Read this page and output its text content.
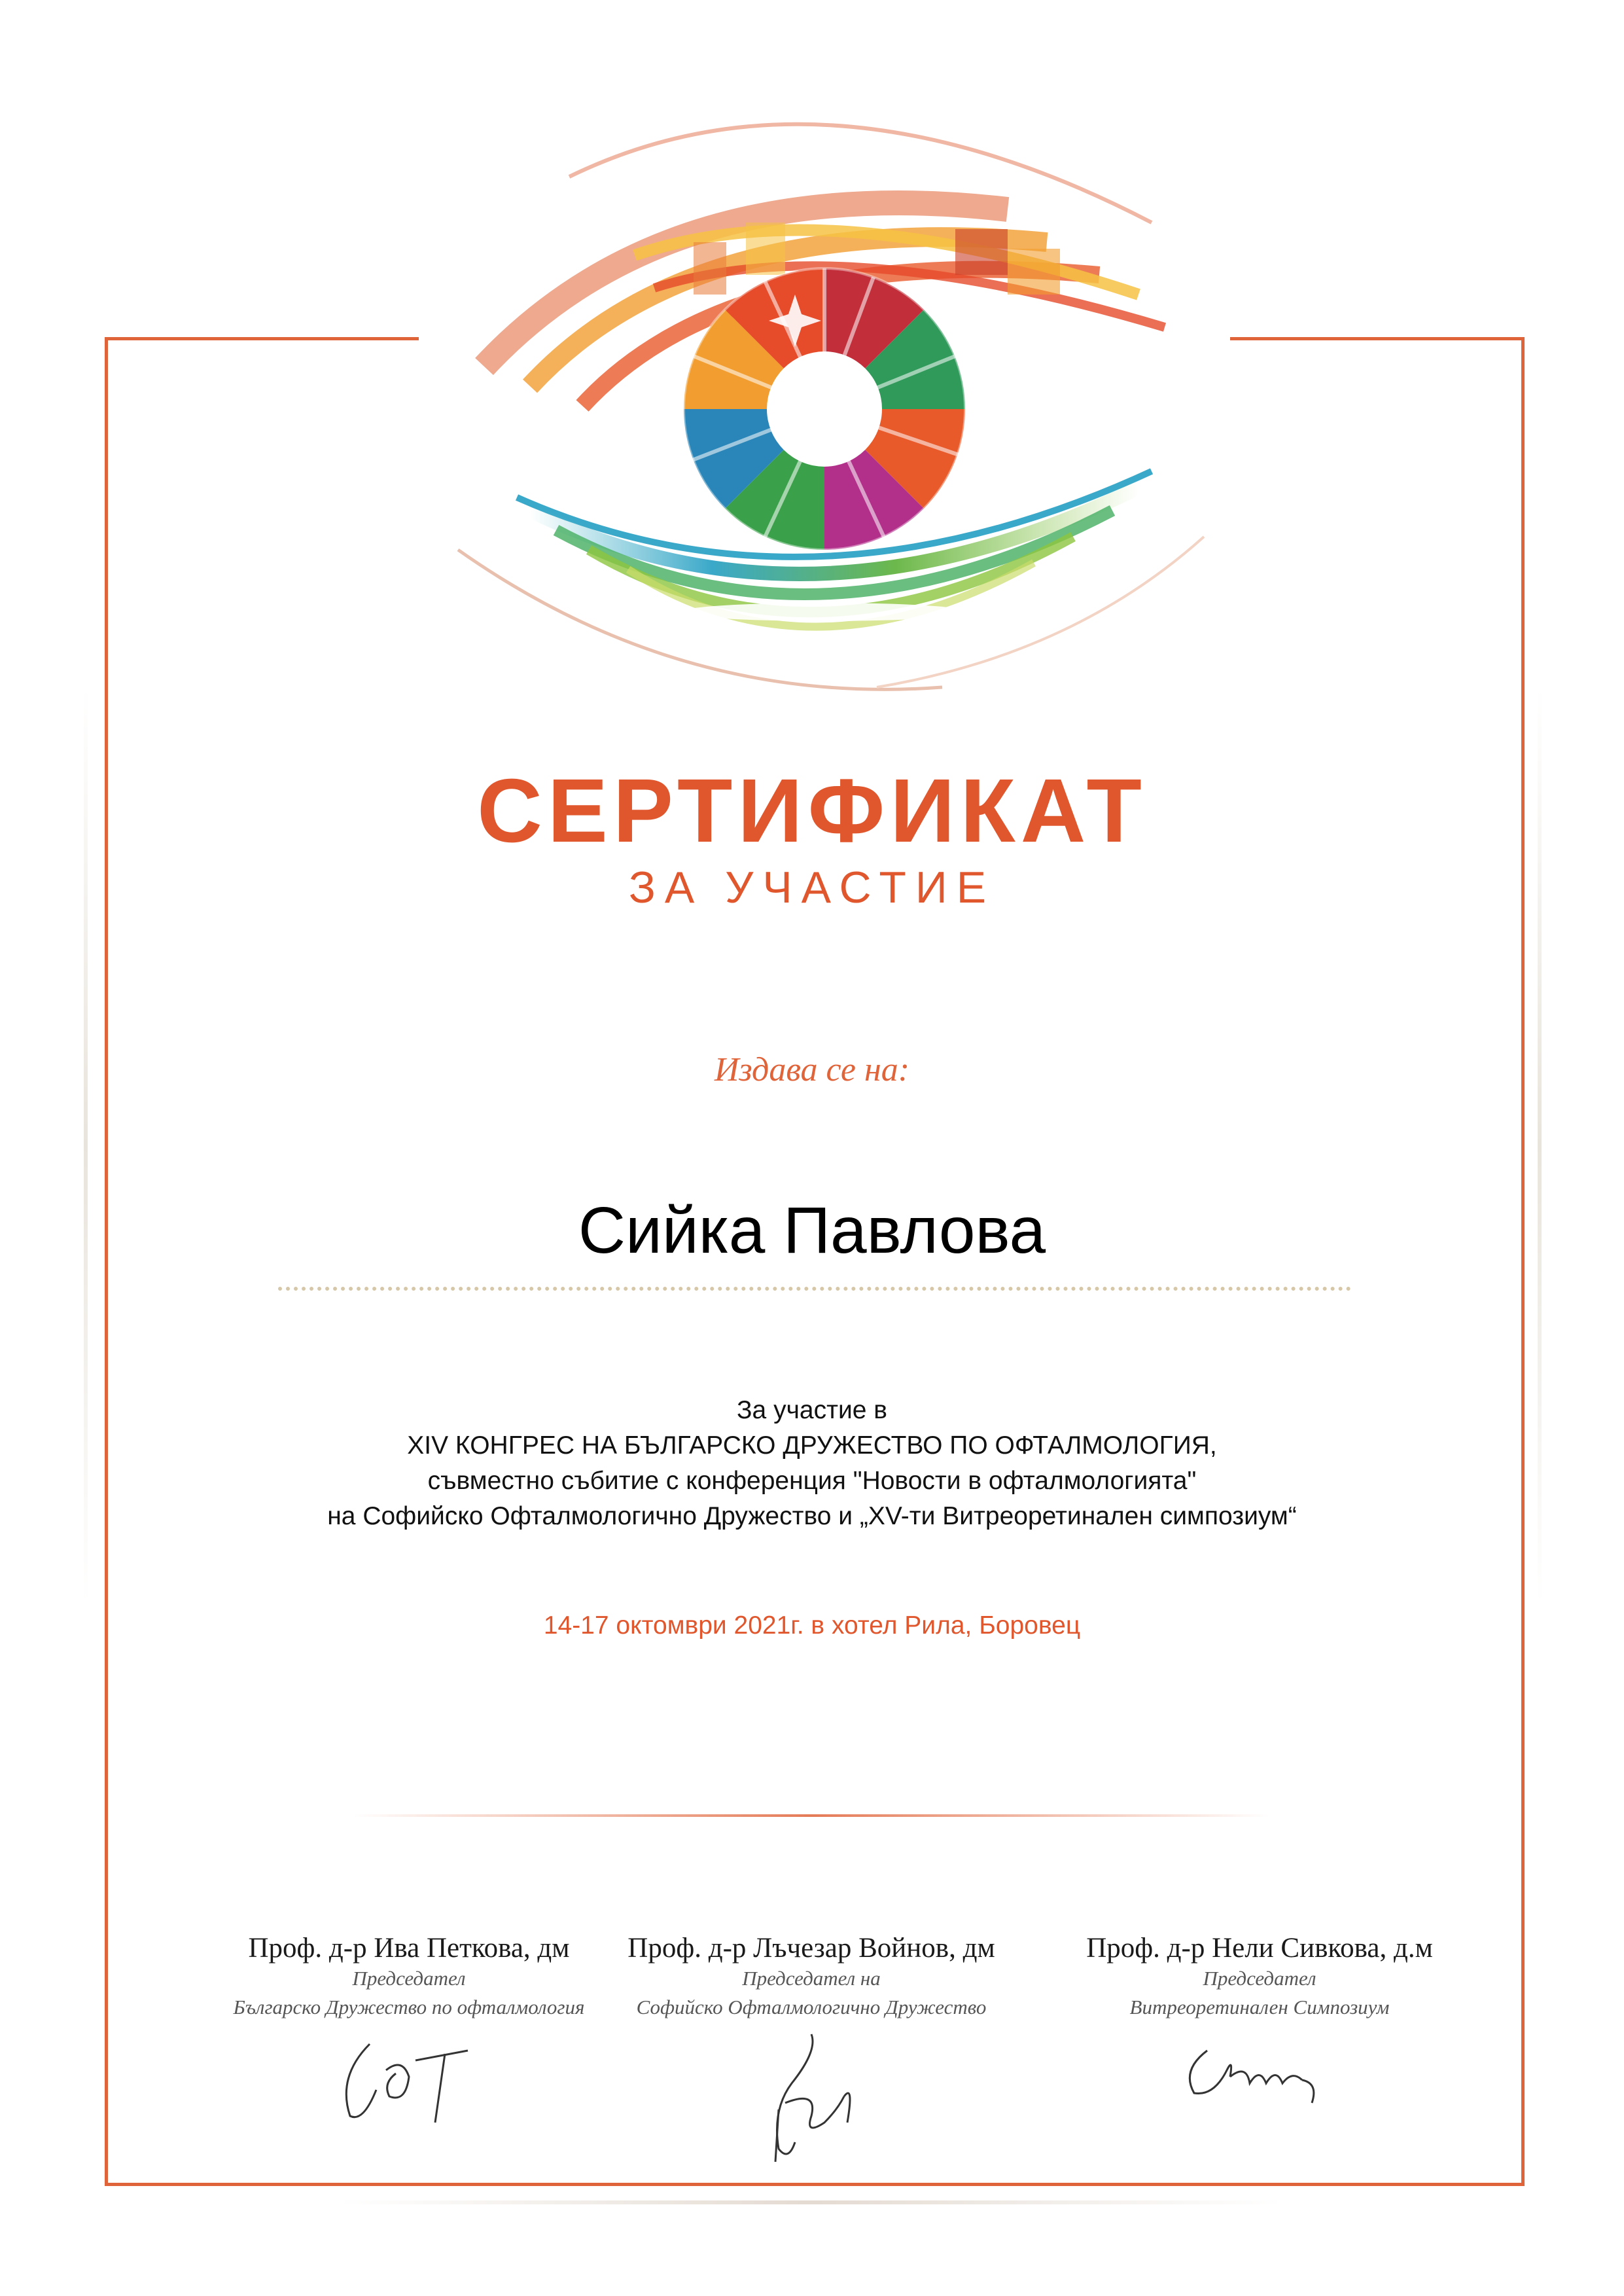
СЕРТИФИКАТ
ЗА УЧАСТИЕ
Издава се на:
Сийка Павлова
За участие в
XIV КОНГРЕС НА БЪЛГАРСКО ДРУЖЕСТВО ПО ОФТАЛМОЛОГИЯ,
съвместно събитие с конференция "Новости в офталмологията"
на Софийско Офталмологично Дружество и „XV-ти Витреоретинален симпозиум“
14-17 октомври 2021г. в хотел Рила, Боровец
Проф. д-р Ива Петкова, дм
Председател
Българско Дружество по офталмология
Проф. д-р Лъчезар Войнов, дм
Председател на
Софийско Офталмологично Дружество
Проф. д-р Нели Сивкова, д.м
Председател
Витреоретинален Симпозиум
